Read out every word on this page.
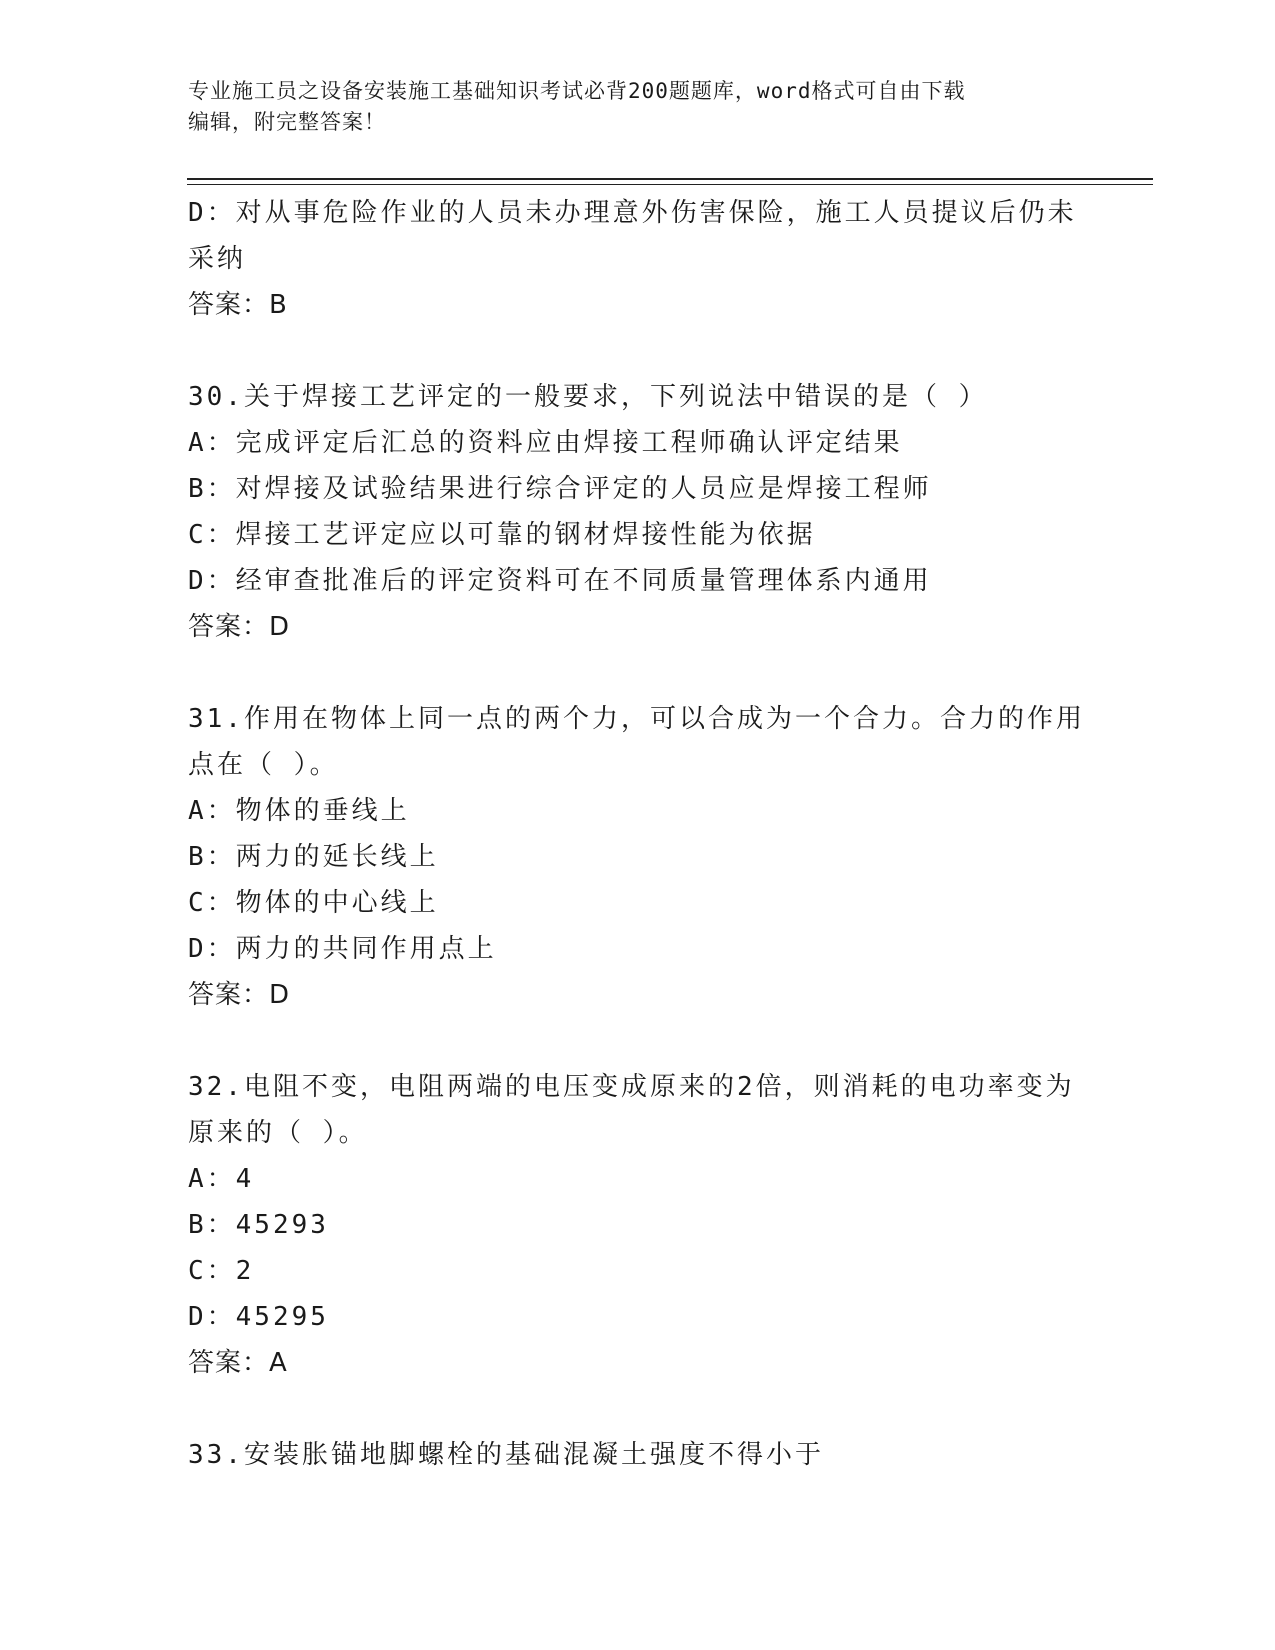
专业施工员之设备安装施工基础知识考试必背200题题库，word格式可自由下载
编辑，附完整答案！
D：对从事危险作业的人员未办理意外伤害保险，施工人员提议后仍未
采纳
答案：B
30.关于焊接工艺评定的一般要求，下列说法中错误的是（ ）
A：完成评定后汇总的资料应由焊接工程师确认评定结果
B：对焊接及试验结果进行综合评定的人员应是焊接工程师
C：焊接工艺评定应以可靠的钢材焊接性能为依据
D：经审查批准后的评定资料可在不同质量管理体系内通用
答案：D
31.作用在物体上同一点的两个力，可以合成为一个合力。合力的作用
点在（ ）。
A：物体的垂线上
B：两力的延长线上
C：物体的中心线上
D：两力的共同作用点上
答案：D
32.电阻不变，电阻两端的电压变成原来的2倍，则消耗的电功率变为
原来的（ ）。
A：4
B：45293
C：2
D：45295
答案：A
33.安装胀锚地脚螺栓的基础混凝土强度不得小于
